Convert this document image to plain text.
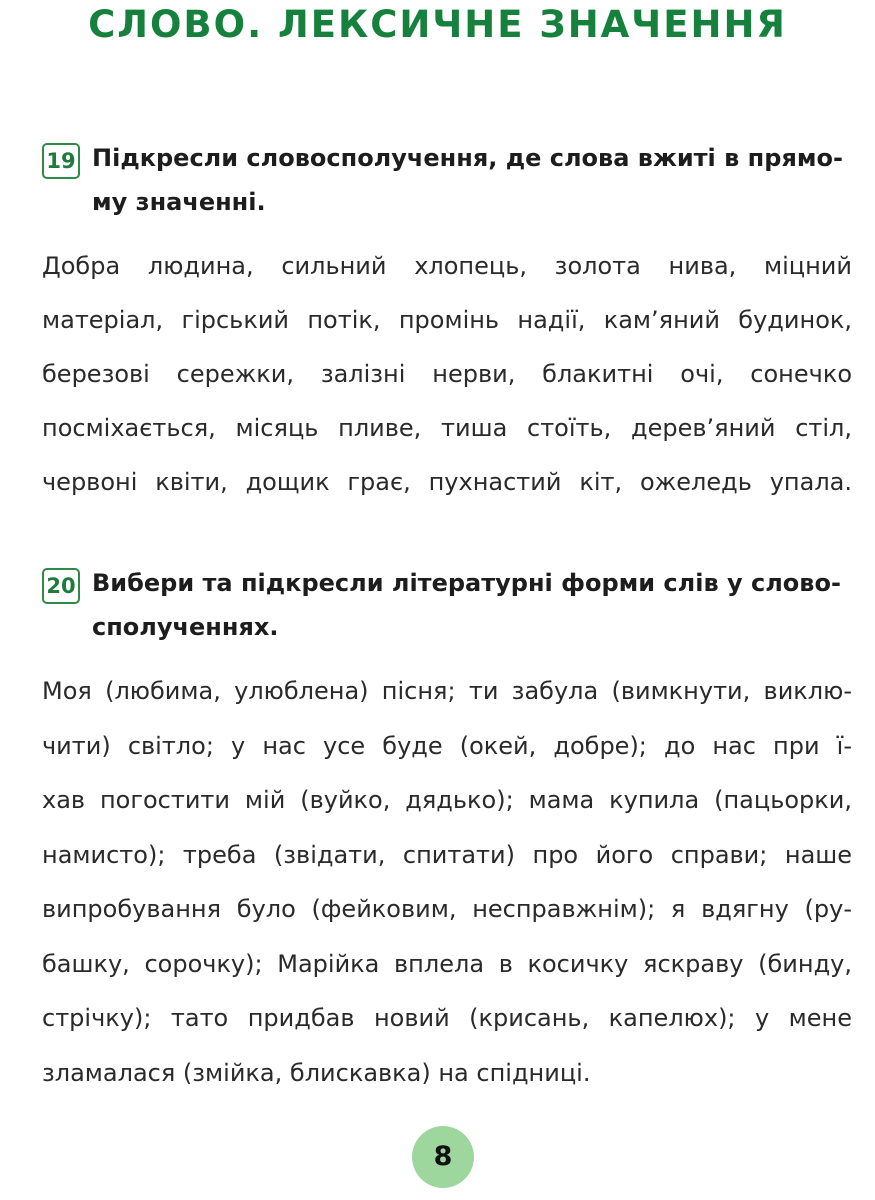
СЛОВО. ЛЕКСИЧНЕ ЗНАЧЕННЯ
19 Підкресли словосполучення, де слова вжиті в прямо-
му значенні.
Добра людина, сильний хлопець, золота нива, міцний
матеріал, гірський потік, промінь надії, кам’яний будинок,
березові сережки, залізні нерви, блакитні очі, сонечко
посміхається, місяць пливе, тиша стоїть, дерев’яний стіл,
червоні квіти, дощик грає, пухнастий кіт, ожеледь упала.
20 Вибери та підкресли літературні форми слів у слово-
сполученнях.
Моя (любима, улюблена) пісня; ти забула (вимкнути, виклю-
чити) світло; у нас усе буде (окей, добре); до нас при ї-
хав погостити мій (вуйко, дядько); мама купила (пацьорки,
намисто); треба (звідати, спитати) про його справи; наше
випробування було (фейковим, несправжнім); я вдягну (ру-
башку, сорочку); Марійка вплела в косичку яскраву (бинду,
стрічку); тато придбав новий (крисань, капелюх); у мене
зламалася (змійка, блискавка) на спідниці.
8
